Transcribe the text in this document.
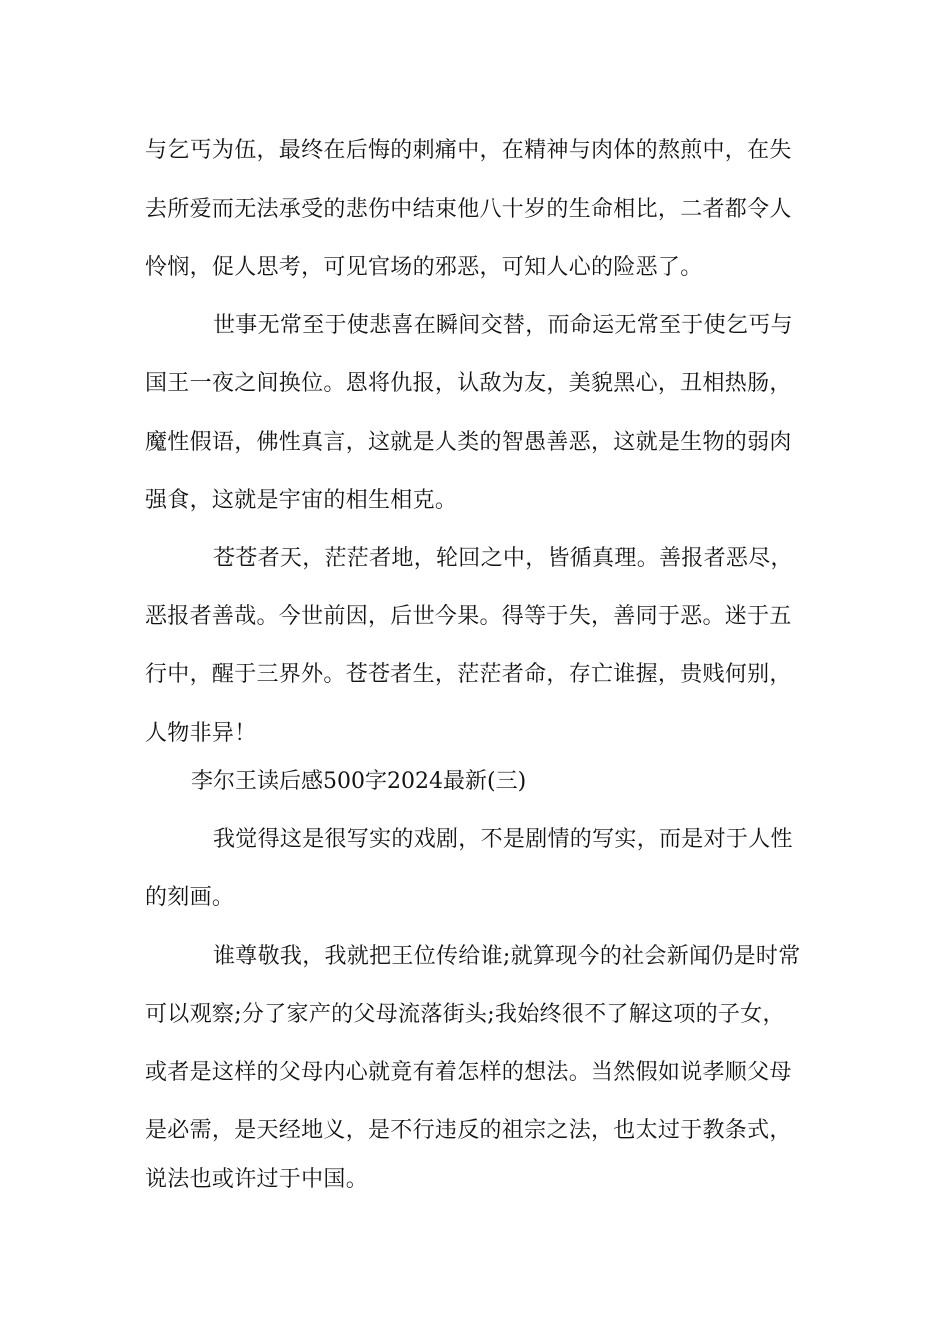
与乞丐为伍，最终在后悔的刺痛中，在精神与肉体的熬煎中，在失
去所爱而无法承受的悲伤中结束他八十岁的生命相比，二者都令人
怜悯，促人思考，可见官场的邪恶，可知人心的险恶了。
世事无常至于使悲喜在瞬间交替，而命运无常至于使乞丐与
国王一夜之间换位。恩将仇报，认敌为友，美貌黑心，丑相热肠，
魔性假语，佛性真言，这就是人类的智愚善恶，这就是生物的弱肉
强食，这就是宇宙的相生相克。
苍苍者天，茫茫者地，轮回之中，皆循真理。善报者恶尽，
恶报者善哉。今世前因，后世今果。得等于失，善同于恶。迷于五
行中，醒于三界外。苍苍者生，茫茫者命，存亡谁握，贵贱何别，
人物非异！
李尔王读后感500字2024最新(三)
我觉得这是很写实的戏剧，不是剧情的写实，而是对于人性
的刻画。
谁尊敬我，我就把王位传给谁;就算现今的社会新闻仍是时常
可以观察;分了家产的父母流落街头;我始终很不了解这项的子女，
或者是这样的父母内心就竟有着怎样的想法。当然假如说孝顺父母
是必需，是天经地义，是不行违反的祖宗之法，也太过于教条式，
说法也或许过于中国。
